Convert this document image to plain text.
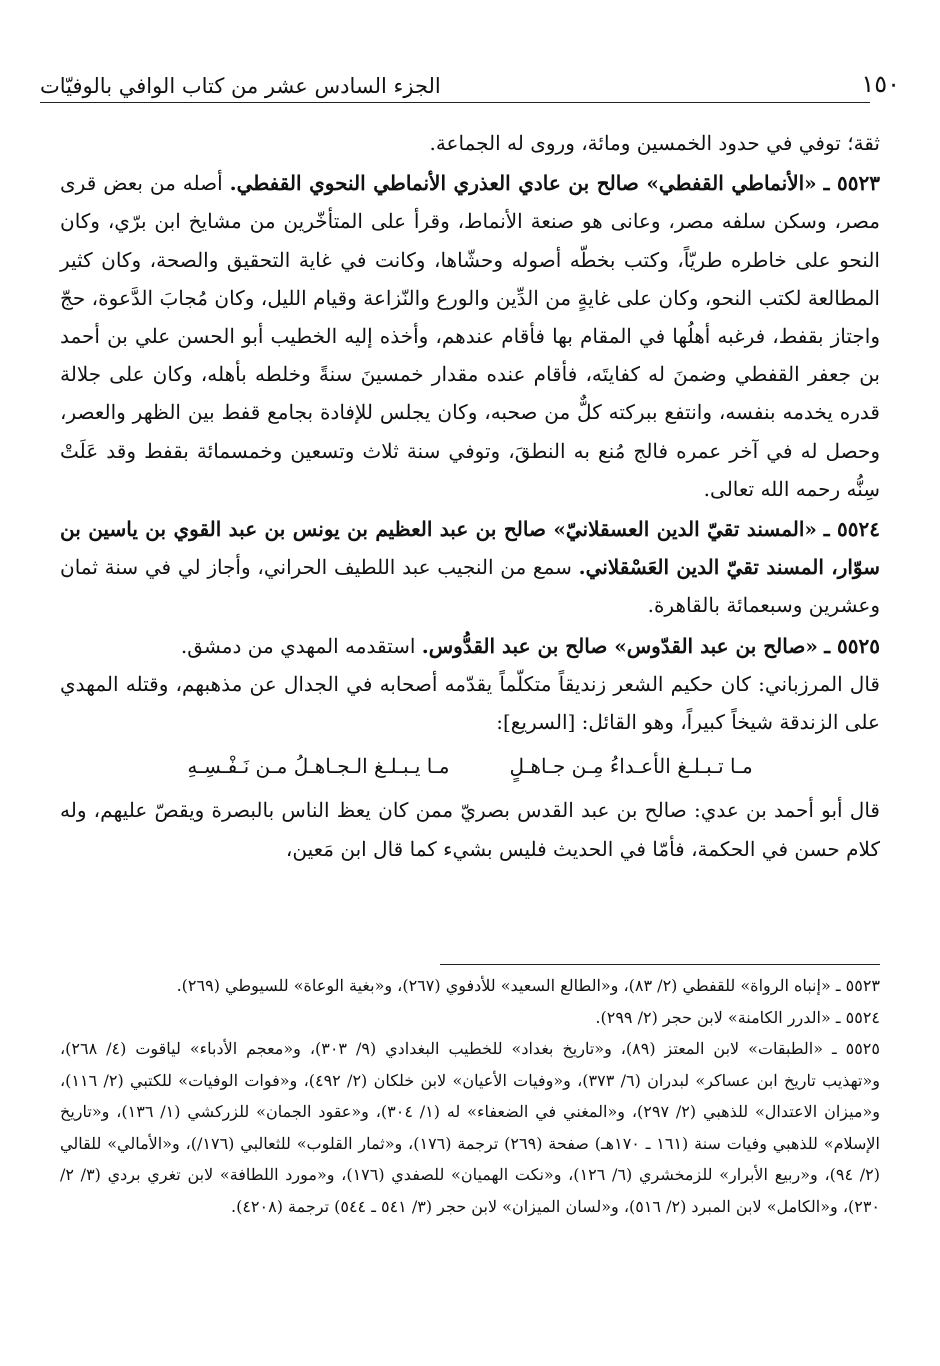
١٥٠
الجزء السادس عشر من كتاب الوافي بالوفيّات

ثقة؛ توفي في حدود الخمسين ومائة، وروى له الجماعة.

٥٥٢٣ ـ «الأنماطي القفطي» صالح بن عادي العذري الأنماطي النحوي القفطي. أصله من بعض قرى مصر، وسكن سلفه مصر، وعانى هو صنعة الأنماط، وقرأ على المتأخّرين من مشايخ ابن برّي، وكان النحو على خاطره طريّاً، وكتب بخطّه أصوله وحشّاها، وكانت في غاية التحقيق والصحة، وكان كثير المطالعة لكتب النحو، وكان على غايةٍ من الدِّين والورع والنّزاعة وقيام الليل، وكان مُجابَ الدَّعوة، حجّ واجتاز بقفط، فرغبه أهلُها في المقام بها فأقام عندهم، وأخذه إليه الخطيب أبو الحسن علي بن أحمد بن جعفر القفطي وضمنَ له كفايتَه، فأقام عنده مقدار خمسينَ سنةً وخلطه بأهله، وكان على جلالة قدره يخدمه بنفسه، وانتفع ببركته كلٌّ من صحبه، وكان يجلس للإفادة بجامع قفط بين الظهر والعصر، وحصل له في آخر عمره فالج مُنع به النطقَ، وتوفي سنة ثلاث وتسعين وخمسمائة بقفط وقد عَلَتْ سِنُّه رحمه الله تعالى.

٥٥٢٤ ـ «المسند تقيّ الدين العسقلانيّ» صالح بن عبد العظيم بن يونس بن عبد القوي بن ياسين بن سوّار، المسند تقيّ الدين العَسْقلاني. سمع من النجيب عبد اللطيف الحراني، وأجاز لي في سنة ثمان وعشرين وسبعمائة بالقاهرة.

٥٥٢٥ ـ «صالح بن عبد القدّوس» صالح بن عبد القدُّوس. استقدمه المهدي من دمشق.

قال المرزباني: كان حكيم الشعر زنديقاً متكلّماً يقدّمه أصحابه في الجدال عن مذهبهم، وقتله المهدي على الزندقة شيخاً كبيراً، وهو القائل: [السريع]:

مـا تـبـلـغ الأعـداءُ مِـن جـاهـلٍ
مـا يـبـلـغ الـجـاهـلُ مـن نَـفْـسِـهِ

قال أبو أحمد بن عدي: صالح بن عبد القدس بصريّ ممن كان يعظ الناس بالبصرة ويقصّ عليهم، وله كلام حسن في الحكمة، فأمّا في الحديث فليس بشيء كما قال ابن مَعين،

٥٥٢٣ ـ «إنباه الرواة» للقفطي (٢/ ٨٣)، و«الطالع السعيد» للأدفوي (٢٦٧)، و«بغية الوعاة» للسيوطي (٢٦٩).

٥٥٢٤ ـ «الدرر الكامنة» لابن حجر (٢/ ٢٩٩).

٥٥٢٥ ـ «الطبقات» لابن المعتز (٨٩)، و«تاريخ بغداد» للخطيب البغدادي (٩/ ٣٠٣)، و«معجم الأدباء» لياقوت (٤/ ٢٦٨)، و«تهذيب تاريخ ابن عساكر» لبدران (٦/ ٣٧٣)، و«وفيات الأعيان» لابن خلكان (٢/ ٤٩٢)، و«فوات الوفيات» للكتبي (٢/ ١١٦)، و«ميزان الاعتدال» للذهبي (٢/ ٢٩٧)، و«المغني في الضعفاء» له (١/ ٣٠٤)، و«عقود الجمان» للزركشي (١/ ١٣٦)، و«تاريخ الإسلام» للذهبي وفيات سنة (١٦١ ـ ١٧٠هـ) صفحة (٢٦٩) ترجمة (١٧٦)، و«ثمار القلوب» للثعالبي (١٧٦/)، و«الأمالي» للقالي (٢/ ٩٤)، و«ربيع الأبرار» للزمخشري (٦/ ١٢٦)، و«نكت الهميان» للصفدي (١٧٦)، و«مورد اللطافة» لابن تغري بردي (٣/ ٢/ ٢٣٠)، و«الكامل» لابن المبرد (٢/ ٥١٦)، و«لسان الميزان» لابن حجر (٣/ ٥٤١ ـ ٥٤٤) ترجمة (٤٢٠٨).
